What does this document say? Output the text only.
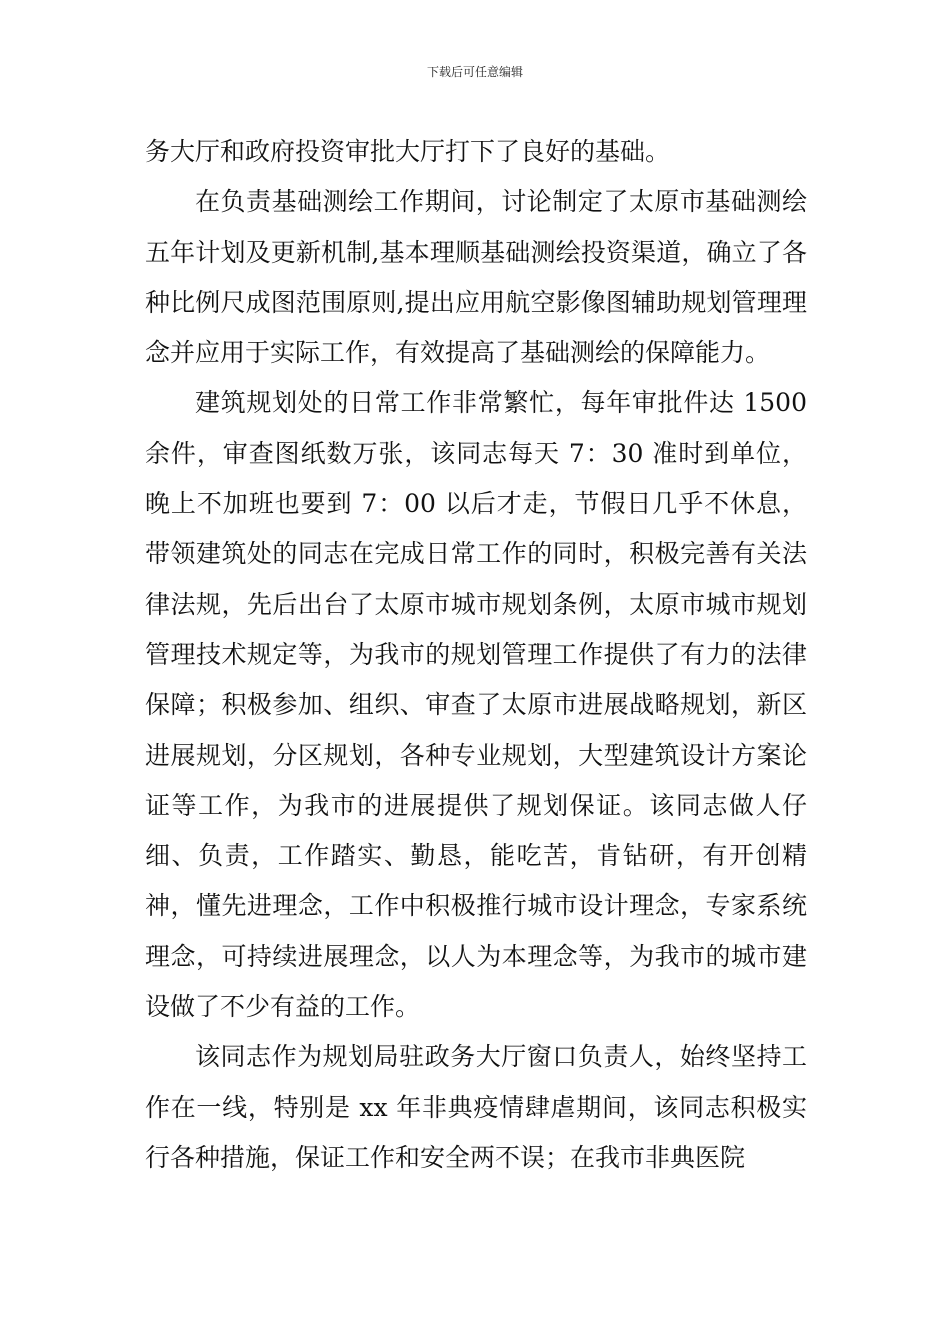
下载后可任意编辑

务大厅和政府投资审批大厅打下了良好的基础。

在负责基础测绘工作期间，讨论制定了太原市基础测绘五年计划及更新机制,基本理顺基础测绘投资渠道，确立了各种比例尺成图范围原则,提出应用航空影像图辅助规划管理理念并应用于实际工作，有效提高了基础测绘的保障能力。

建筑规划处的日常工作非常繁忙，每年审批件达 1500 余件，审查图纸数万张，该同志每天 7：30 准时到单位，晚上不加班也要到 7：00 以后才走，节假日几乎不休息，带领建筑处的同志在完成日常工作的同时，积极完善有关法律法规，先后出台了太原市城市规划条例，太原市城市规划管理技术规定等，为我市的规划管理工作提供了有力的法律保障；积极参加、组织、审查了太原市进展战略规划，新区进展规划，分区规划，各种专业规划，大型建筑设计方案论证等工作，为我市的进展提供了规划保证。该同志做人仔细、负责，工作踏实、勤恳，能吃苦，肯钻研，有开创精神，懂先进理念，工作中积极推行城市设计理念，专家系统理念，可持续进展理念，以人为本理念等，为我市的城市建设做了不少有益的工作。

该同志作为规划局驻政务大厅窗口负责人，始终坚持工作在一线，特别是 xx 年非典疫情肆虐期间，该同志积极实行各种措施，保证工作和安全两不误；在我市非典医院
